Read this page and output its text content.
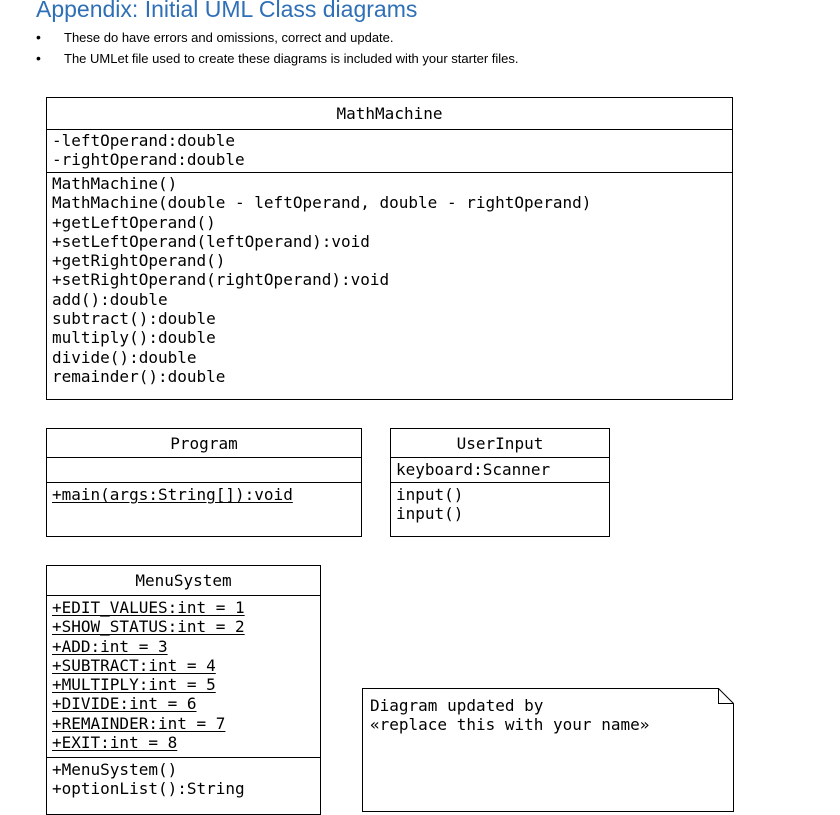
Appendix: Initial UML Class diagrams
• These do have errors and omissions, correct and update.
• The UMLet file used to create these diagrams is included with your starter files.
MathMachine
-leftOperand:double
-rightOperand:double
MathMachine()
MathMachine(double - leftOperand, double - rightOperand)
+getLeftOperand()
+setLeftOperand(leftOperand):void
+getRightOperand()
+setRightOperand(rightOperand):void
add():double
subtract():double
multiply():double
divide():double
remainder():double
Program
+main(args:String[]):void
UserInput
keyboard:Scanner
input()
input()
MenuSystem
+EDIT_VALUES:int = 1
+SHOW_STATUS:int = 2
+ADD:int = 3
+SUBTRACT:int = 4
+MULTIPLY:int = 5
+DIVIDE:int = 6
+REMAINDER:int = 7
+EXIT:int = 8
+MenuSystem()
+optionList():String
Diagram updated by
«replace this with your name»
